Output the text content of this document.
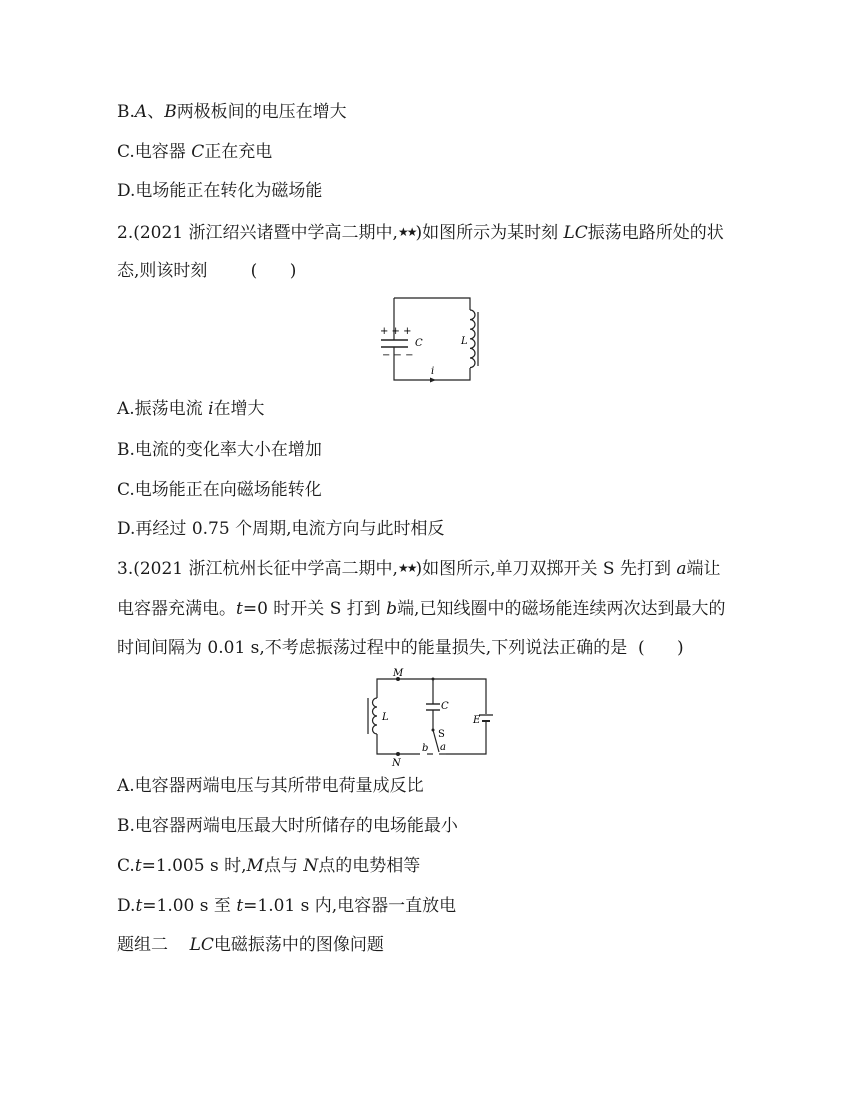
B.A、B两极板间的电压在增大
C.电容器 C正在充电
D.电场能正在转化为磁场能
2.(2021 浙江绍兴诸暨中学高二期中,★★)如图所示为某时刻 LC振荡电路所处的状
态,则该时刻        (      )
+ + +
− − −
C	L
i
A.振荡电流 i在增大
B.电流的变化率大小在增加
C.电场能正在向磁场能转化
D.再经过 0.75 个周期,电流方向与此时相反
3.(2021 浙江杭州长征中学高二期中,★★)如图所示,单刀双掷开关 S 先打到 a端让
电容器充满电。t=0 时开关 S 打到 b端,已知线圈中的磁场能连续两次达到最大的
时间间隔为 0.01 s,不考虑振荡过程中的能量损失,下列说法正确的是  (      )
C
S
a
b
M
N
L	E
A.电容器两端电压与其所带电荷量成反比
B.电容器两端电压最大时所储存的电场能最小
C.t=1.005 s 时,M点与 N点的电势相等
D.t=1.00 s 至 t=1.01 s 内,电容器一直放电
题组二    LC电磁振荡中的图像问题
